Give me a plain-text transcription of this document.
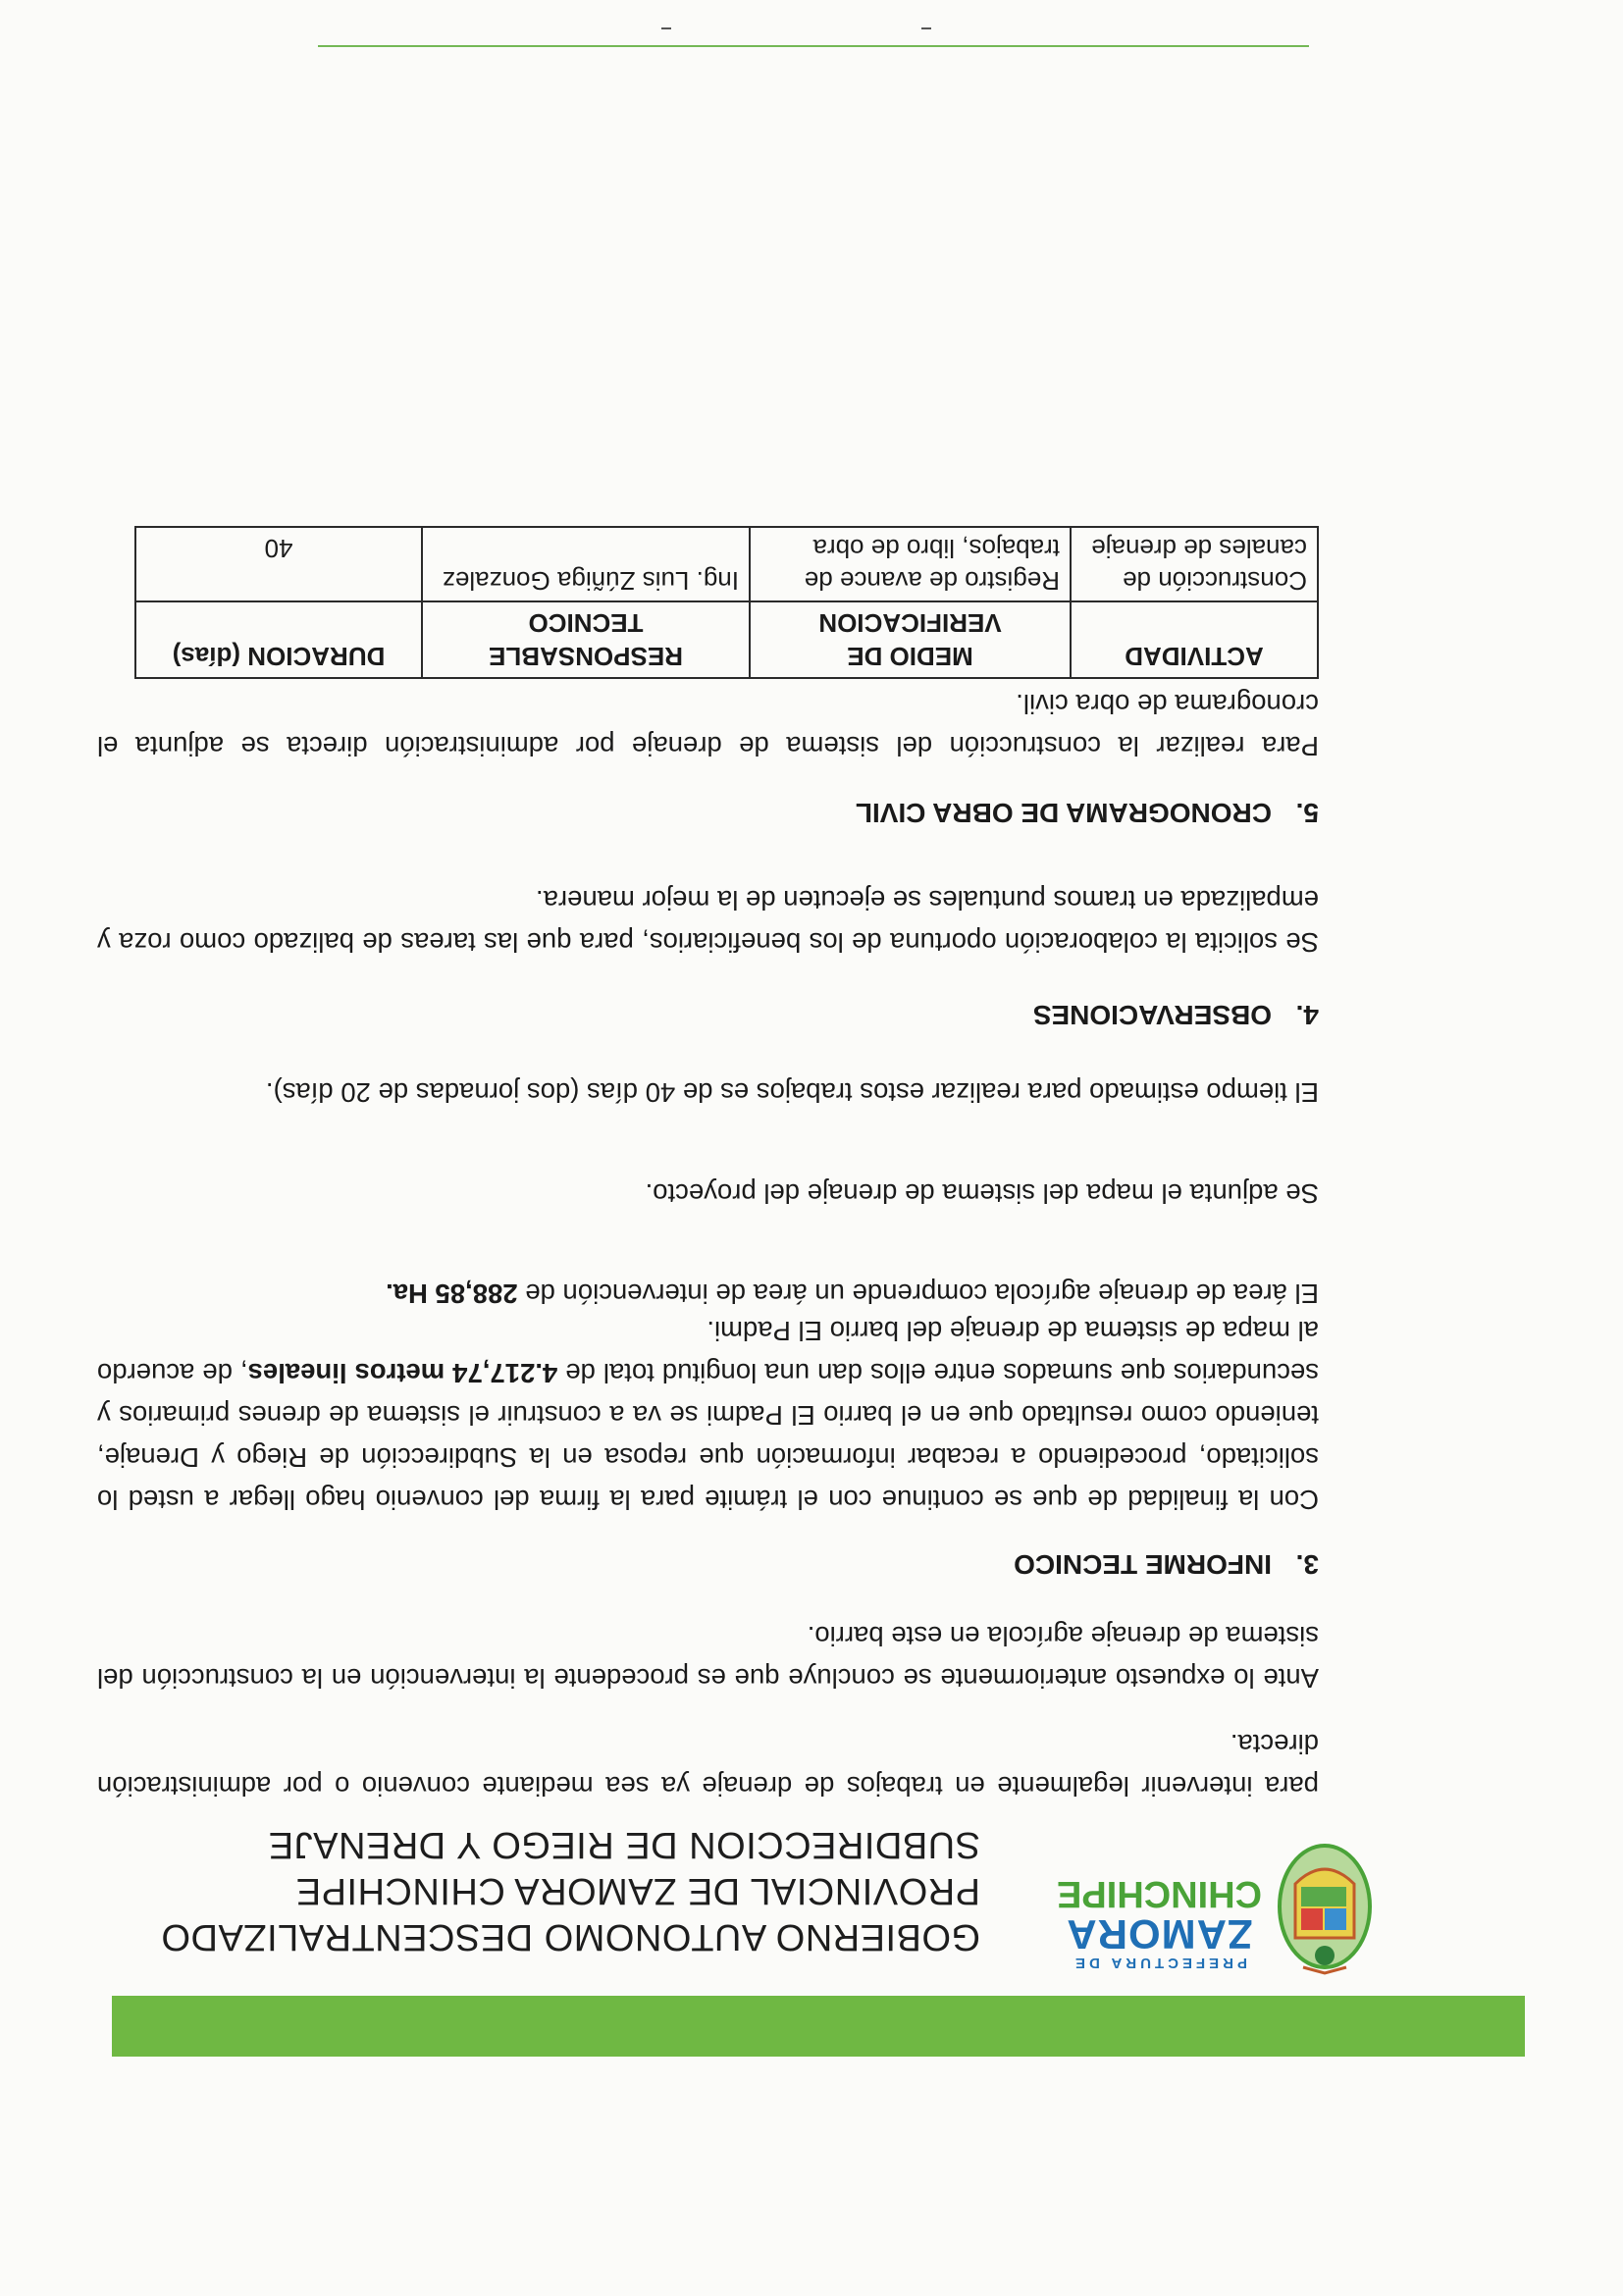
PREFECTURA DE
ZAMORA
CHINCHIPE
GOBIERNO AUTONOMO DESCENTRALIZADO
PROVINCIAL DE ZAMORA CHINCHIPE
SUBDIRECCION DE RIEGO Y DRENAJE
para intervenir legalmente en trabajos de drenaje ya sea mediante convenio o por administración directa.
Ante lo expuesto anteriormente se concluye que es procedente la intervención en la construcción del sistema de drenaje agrícola en este barrio.
3.INFORME TECNICO
Con la finalidad de que se continue con el trámite para la firma del convenio hago llegar a usted lo solicitado, procediendo a recabar información que reposa en la Subdirección de Riego y Drenaje, teniendo como resultado que en el barrio El Padmi se va a construir el sistema de drenes primarios y secundarios que sumados entre ellos dan una longitud total de 4.217,74 metros lineales, de acuerdo al mapa de sistema de drenaje del barrio El Padmi.
El área de drenaje agrícola comprende un área de intervención de 288,85 Ha.
Se adjunta el mapa del sistema de drenaje del proyecto.
El tiempo estimado para realizar estos trabajos es de 40 días (dos jornadas de 20 días).
4.OBSERVACIONES
Se solicita la colaboración oportuna de los beneficiarios, para que las tareas de balizado como roza y empalizada en tramos puntuales se ejecuten de la mejor manera.
5.CRONOGRAMA DE OBRA CIVIL
Para realizar la construcción del sistema de drenaje por administración directa se adjunta el cronograma de obra civil.
ACTIVIDAD	MEDIO DE VERIFICACION	RESPONSABLE TECNICO	DURACION (días)
Construcción de canales de drenaje	Registro de avance de trabajos, libro de obra	Ing. Luis Zúñiga Gonzalez	40
